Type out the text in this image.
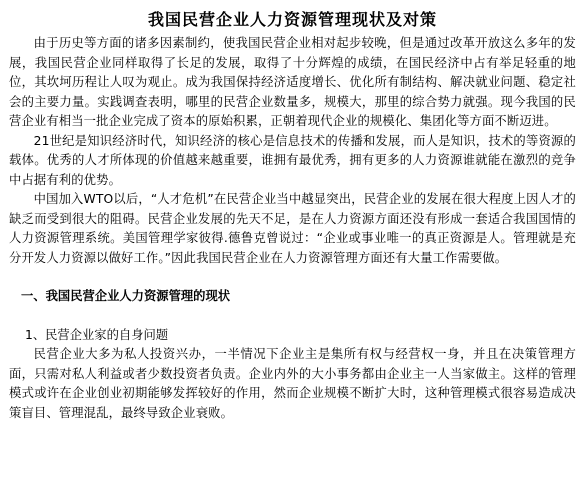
我国民营企业人力资源管理现状及对策

由于历史等方面的诸多因素制约，使我国民营企业相对起步较晚，但是通过改革开放这么多年的发展，我国民营企业同样取得了长足的发展，取得了十分辉煌的成绩，在国民经济中占有举足轻重的地位，其坎坷历程让人叹为观止。成为我国保持经济适度增长、优化所有制结构、解决就业问题、稳定社会的主要力量。实践调查表明，哪里的民营企业数量多，规模大，那里的综合势力就强。现今我国的民营企业有相当一批企业完成了资本的原始积累，正朝着现代企业的规模化、集团化等方面不断迈进。

21世纪是知识经济时代，知识经济的核心是信息技术的传播和发展，而人是知识，技术的等资源的载体。优秀的人才所体现的价值越来越重要，谁拥有最优秀，拥有更多的人力资源谁就能在激烈的竞争中占据有利的优势。

中国加入WTO以后，“人才危机”在民营企业当中越显突出，民营企业的发展在很大程度上因人才的缺乏而受到很大的阻碍。民营企业发展的先天不足，是在人力资源方面还没有形成一套适合我国国情的人力资源管理系统。美国管理学家彼得.德鲁克曾说过：“企业或事业唯一的真正资源是人。管理就是充分开发人力资源以做好工作。”因此我国民营企业在人力资源管理方面还有大量工作需要做。

一、我国民营企业人力资源管理的现状

1、民营企业家的自身问题

民营企业大多为私人投资兴办，一半情况下企业主是集所有权与经营权一身，并且在决策管理方面，只需对私人利益或者少数投资者负责。企业内外的大小事务都由企业主一人当家做主。这样的管理模式或许在企业创业初期能够发挥较好的作用，然而企业规模不断扩大时，这种管理模式很容易造成决策盲目、管理混乱，最终导致企业衰败。
